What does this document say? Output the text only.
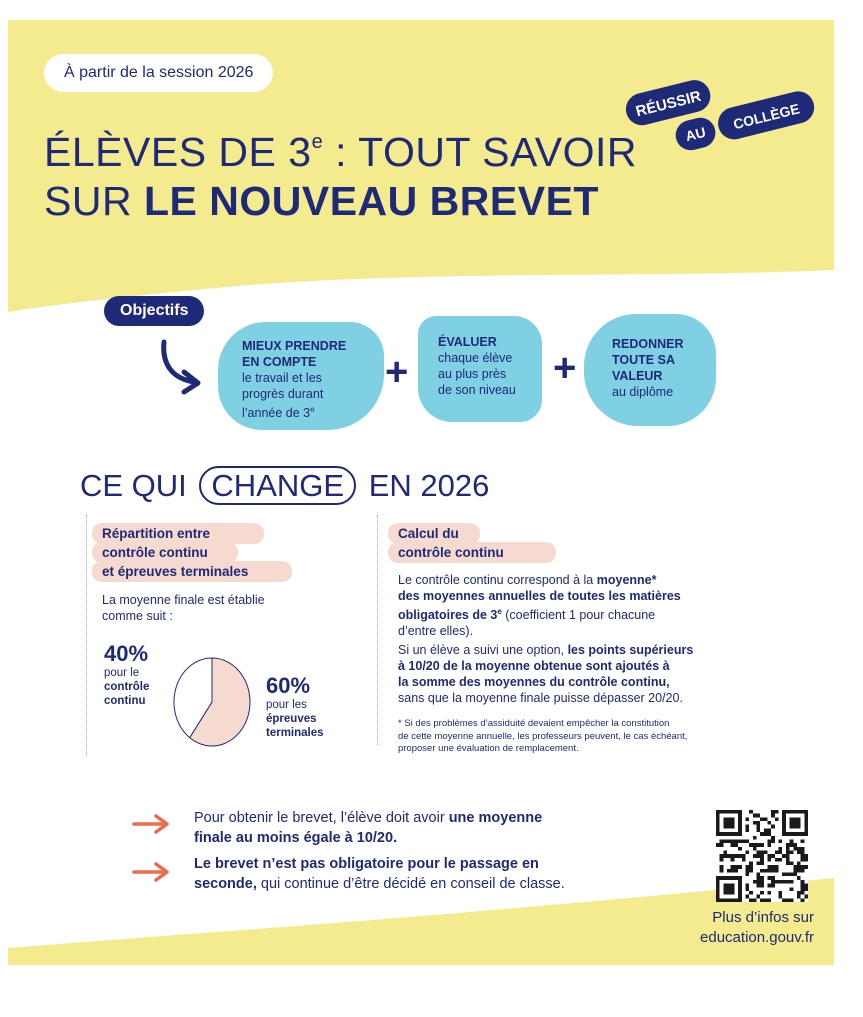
À partir de la session 2026
RÉUSSIR
AU
COLLÈGE
ÉLÈVES DE 3e : TOUT SAVOIR
SUR LE NOUVEAU BREVET
Objectifs
MIEUX PRENDRE
EN COMPTE
le travail et les
progrès durant
l’année de $3^e$
+
ÉVALUER
chaque élève
au plus près
de son niveau +
REDONNER
TOUTE SA
VALEUR
au diplôme
CE QUI CHANGE EN 2026
Répartition entre
contrôle continu
et épreuves terminales
La moyenne finale est établie
comme suit :
40%
pour le
contrôle
continu
60%
pour les
épreuves
terminales
Calcul du
contrôle continu
Le contrôle continu correspond à la moyenne*
des moyennes annuelles de toutes les matières
obligatoires de 3e (coefficient 1 pour chacune
d’entre elles).
Si un élève a suivi une option, les points supérieurs
à 10/20 de la moyenne obtenue sont ajoutés à
la somme des moyennes du contrôle continu,
sans que la moyenne finale puisse dépasser 20/20.
* Si des problèmes d’assiduité devaient empêcher la constitution
de cette moyenne annuelle, les professeurs peuvent, le cas échéant,
proposer une évaluation de remplacement.
Pour obtenir le brevet, l’élève doit avoir une moyenne
finale au moins égale à 10/20.
Le brevet n’est pas obligatoire pour le passage en
seconde, qui continue d’être décidé en conseil de classe.
Plus d’infos sur
education.gouv.fr
